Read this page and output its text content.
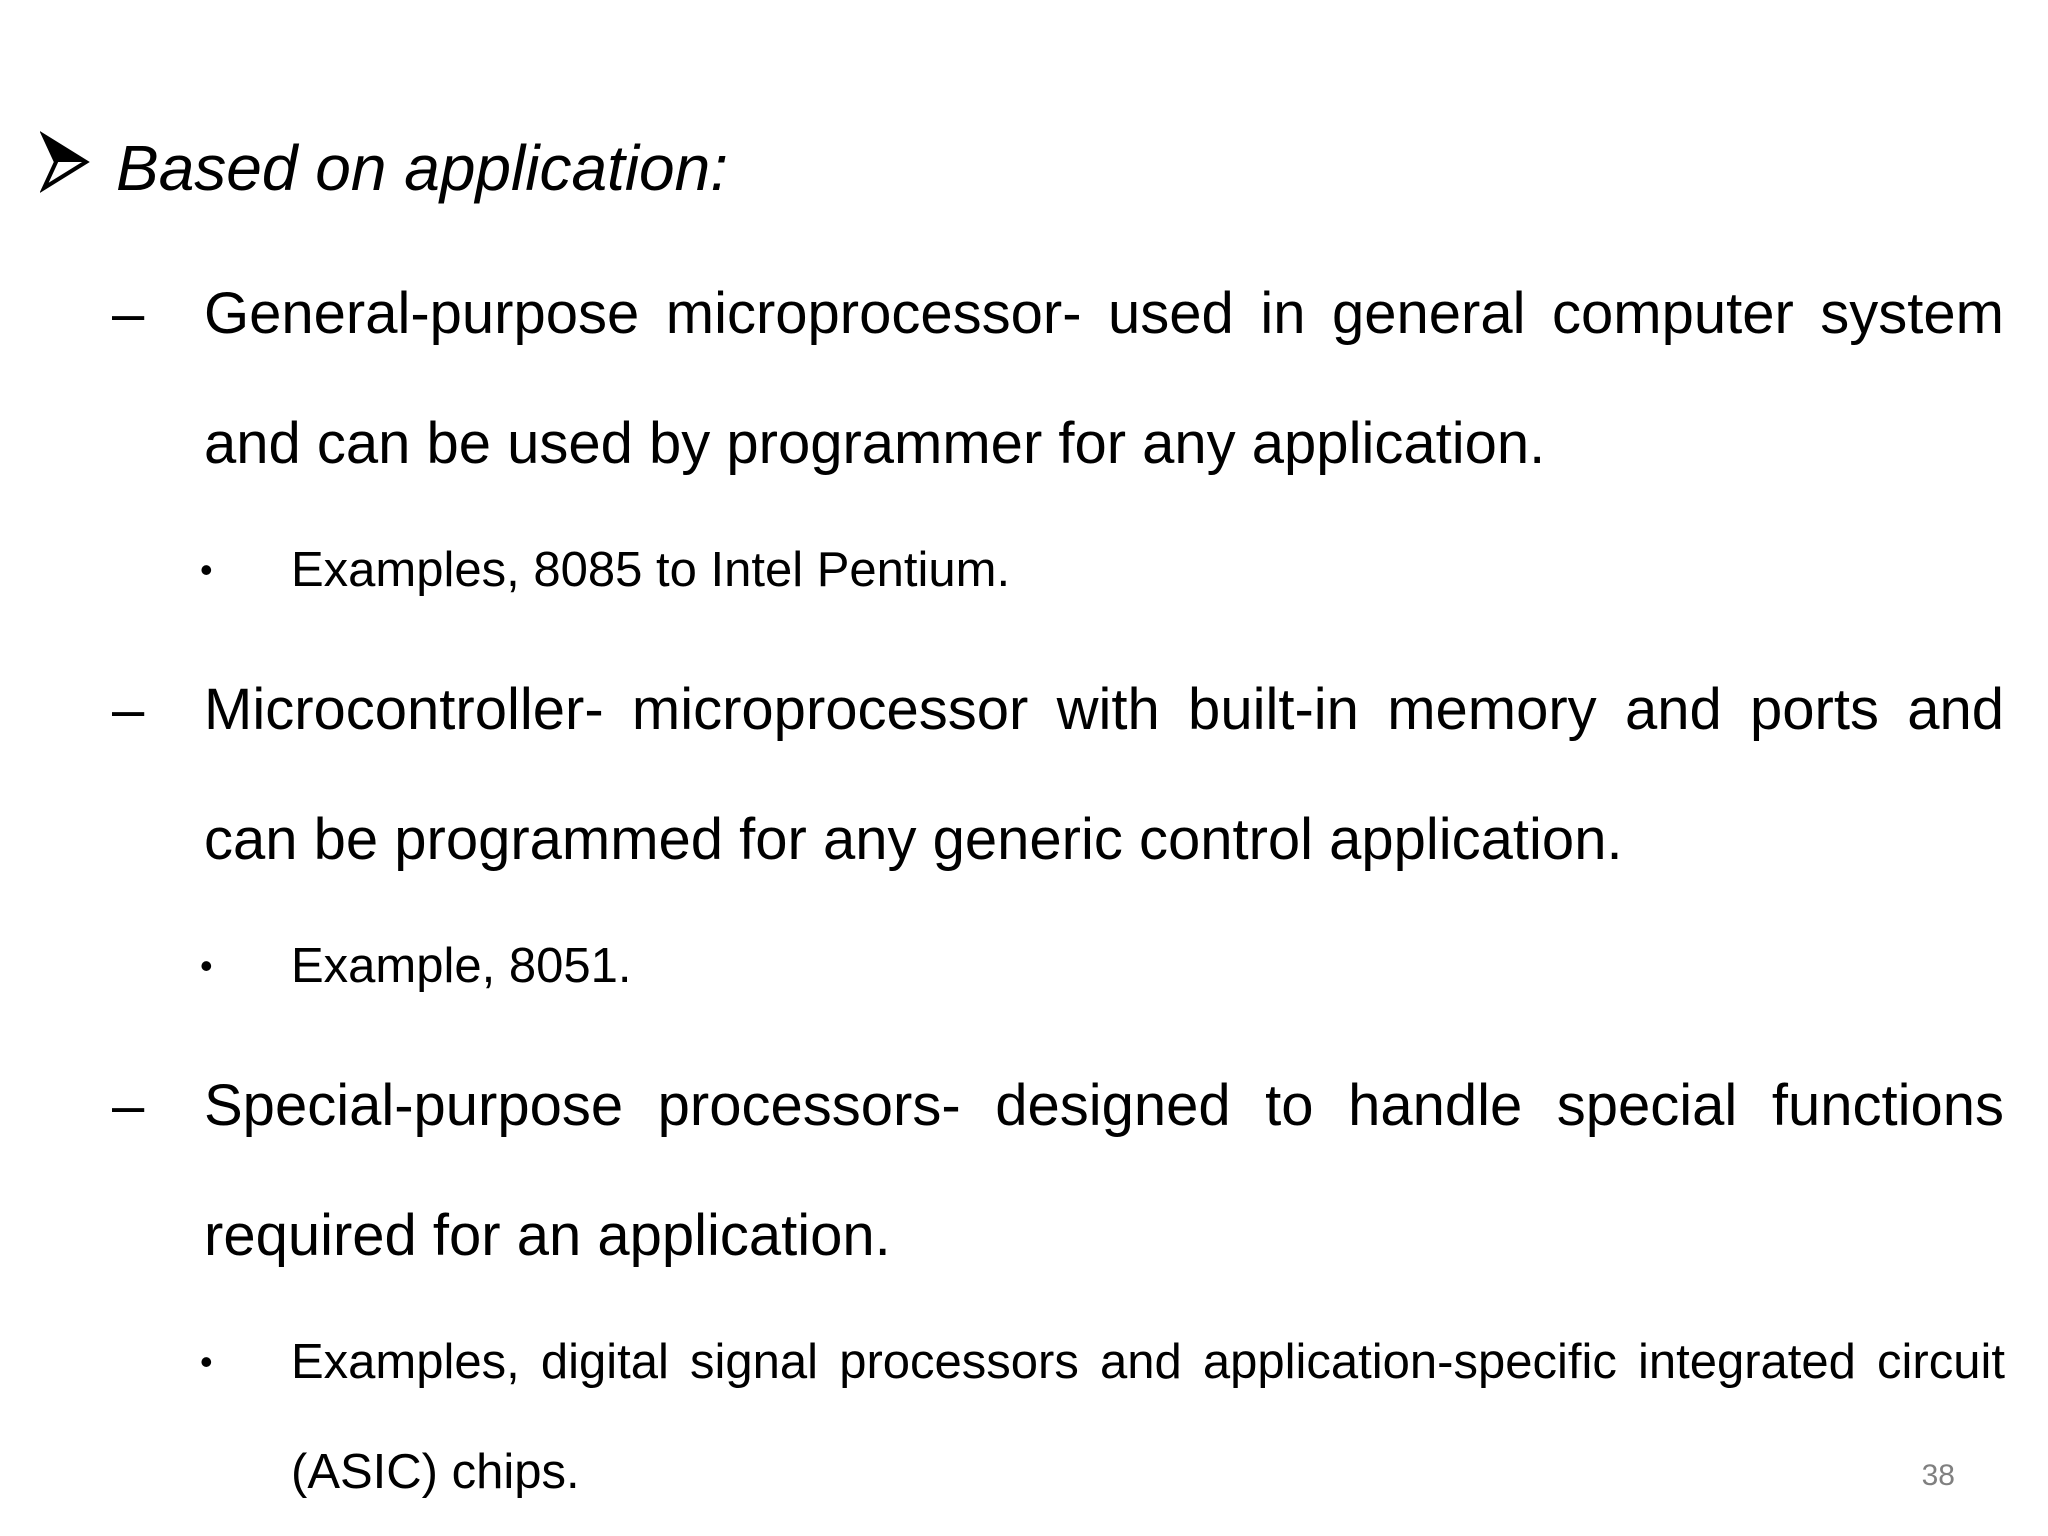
Based on application:
– General-purpose microprocessor- used in general computer system and can be used by programmer for any application.
• Examples, 8085 to Intel Pentium.
– Microcontroller- microprocessor with built-in memory and ports and can be programmed for any generic control application.
• Example, 8051.
– Special-purpose processors- designed to handle special functions required for an application.
• Examples, digital signal processors and application-specific integrated circuit (ASIC) chips.	38
